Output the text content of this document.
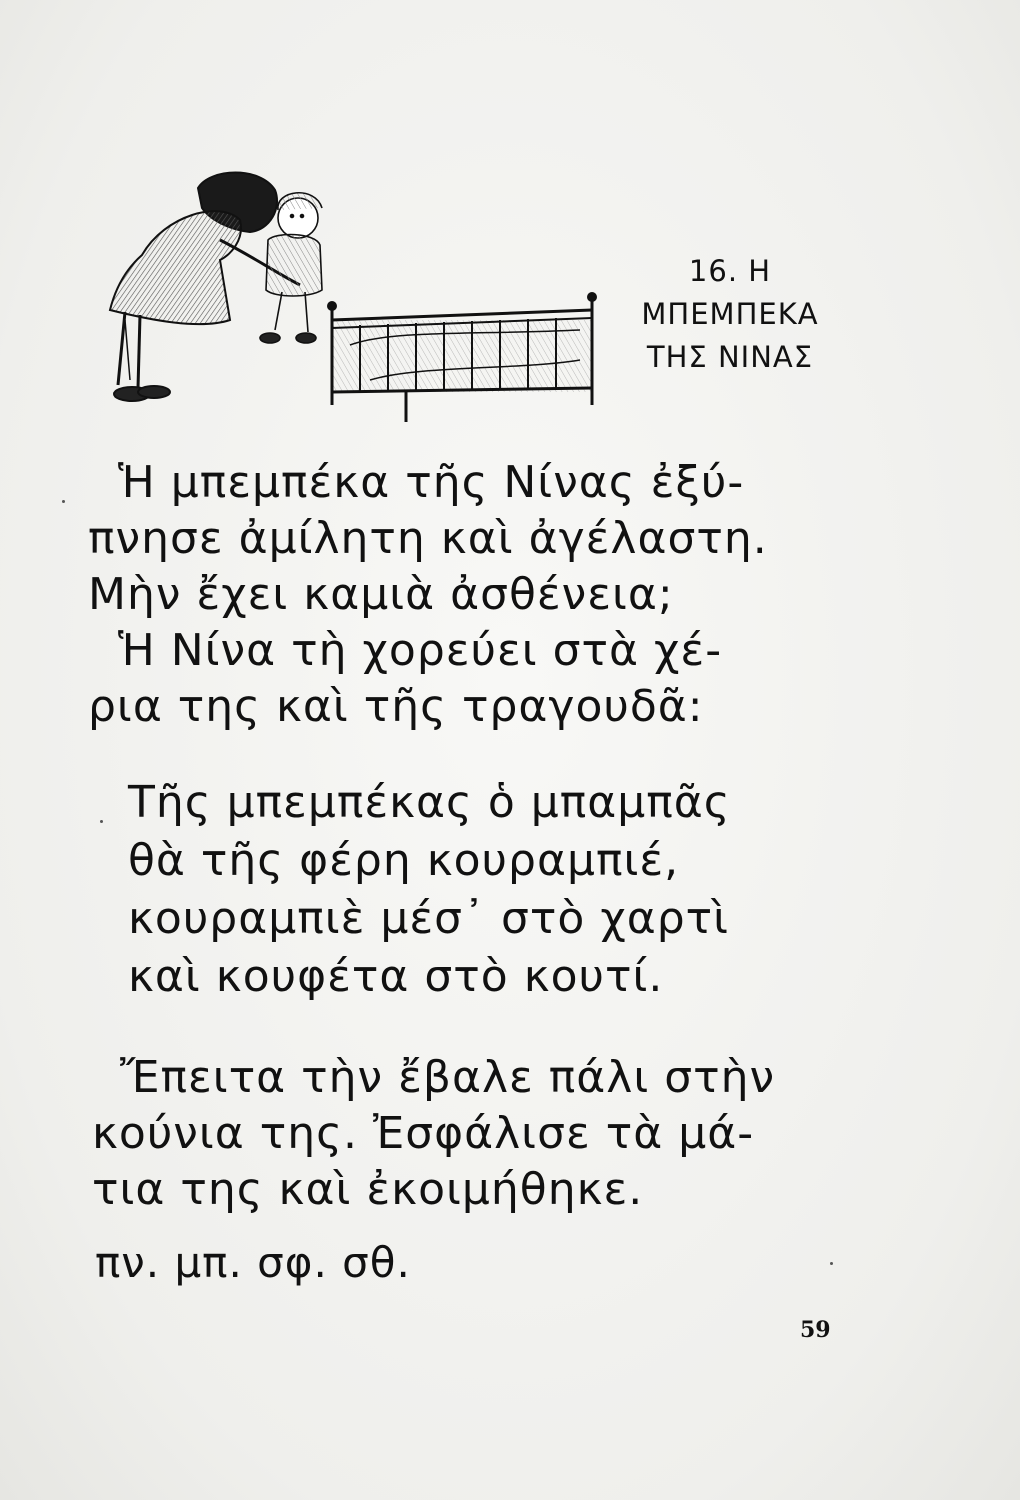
16. Η
ΜΠΕΜΠΕΚΑ
ΤΗΣ ΝΙΝΑΣ
Ἡ μπεμπέκα τῆς Νίνας ἐξύ-
πνησε ἀμίλητη καὶ ἀγέλαστη.
Μὴν ἔχει καμιὰ ἀσθένεια;
Ἡ Νίνα τὴ χορεύει στὰ χέ-
ρια της καὶ τῆς τραγουδᾶ:
Τῆς μπεμπέκας ὁ μπαμπᾶς
θὰ τῆς φέρη κουραμπιέ,
κουραμπιὲ μέσ᾽ στὸ χαρτὶ
καὶ κουφέτα στὸ κουτί.
Ἔπειτα τὴν ἔβαλε πάλι στὴν
κούνια της. Ἐσφάλισε τὰ μά-
τια της καὶ ἐκοιμήθηκε.
πν. μπ. σφ. σθ.
59
